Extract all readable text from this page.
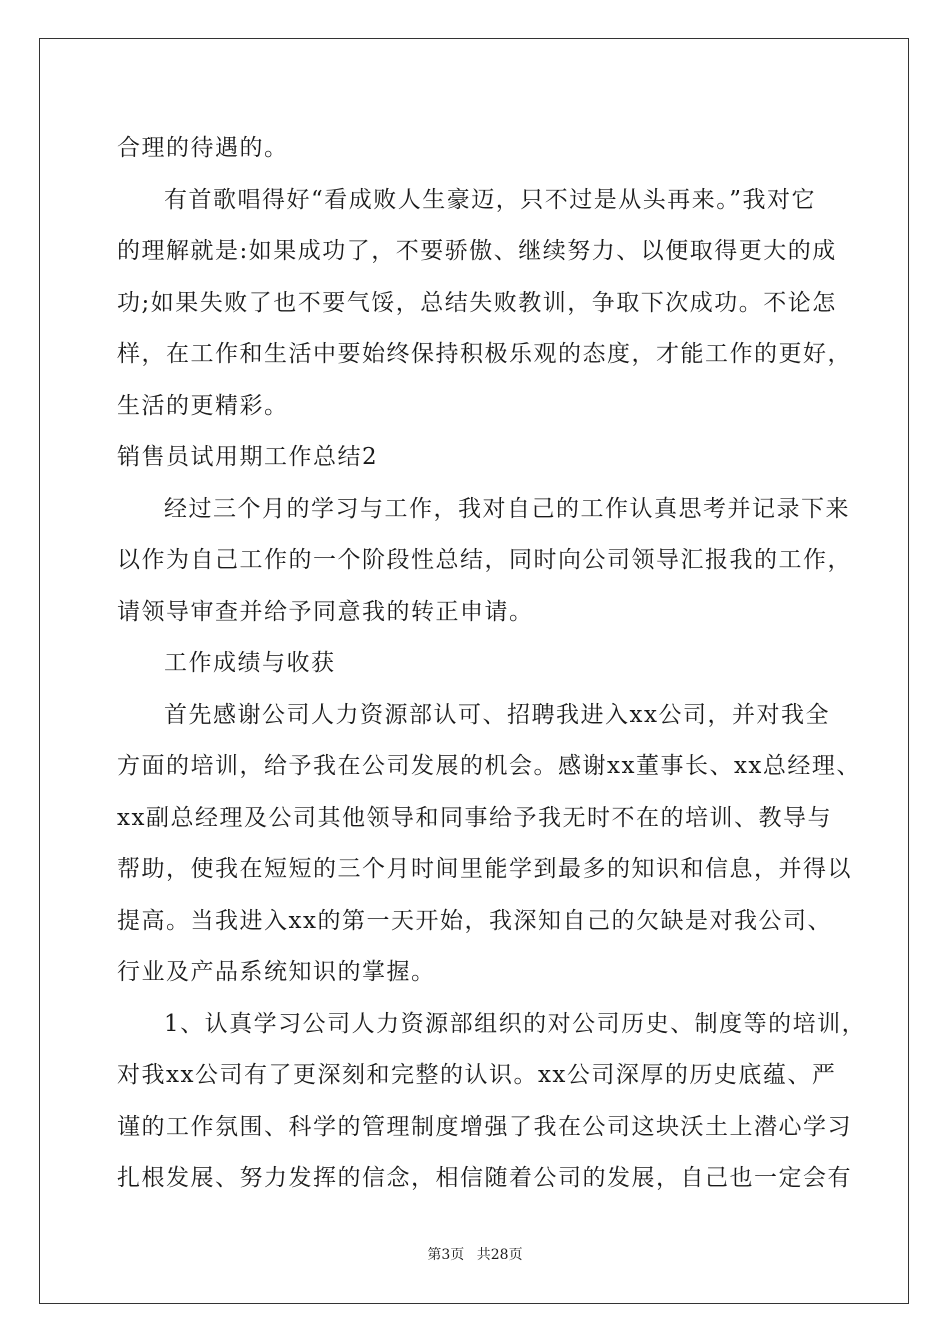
合理的待遇的。
有首歌唱得好“看成败人生豪迈，只不过是从头再来。”我对它
的理解就是:如果成功了，不要骄傲、继续努力、以便取得更大的成
功;如果失败了也不要气馁，总结失败教训，争取下次成功。不论怎
样，在工作和生活中要始终保持积极乐观的态度，才能工作的更好，
生活的更精彩。
销售员试用期工作总结2
经过三个月的学习与工作，我对自己的工作认真思考并记录下来
以作为自己工作的一个阶段性总结，同时向公司领导汇报我的工作，
请领导审查并给予同意我的转正申请。
工作成绩与收获
首先感谢公司人力资源部认可、招聘我进入xx公司，并对我全
方面的培训，给予我在公司发展的机会。感谢xx董事长、xx总经理、
xx副总经理及公司其他领导和同事给予我无时不在的培训、教导与
帮助，使我在短短的三个月时间里能学到最多的知识和信息，并得以
提高。当我进入xx的第一天开始，我深知自己的欠缺是对我公司、
行业及产品系统知识的掌握。
1、认真学习公司人力资源部组织的对公司历史、制度等的培训，
对我xx公司有了更深刻和完整的认识。xx公司深厚的历史底蕴、严
谨的工作氛围、科学的管理制度增强了我在公司这块沃土上潜心学习
扎根发展、努力发挥的信念，相信随着公司的发展，自己也一定会有
第3页 共28页
